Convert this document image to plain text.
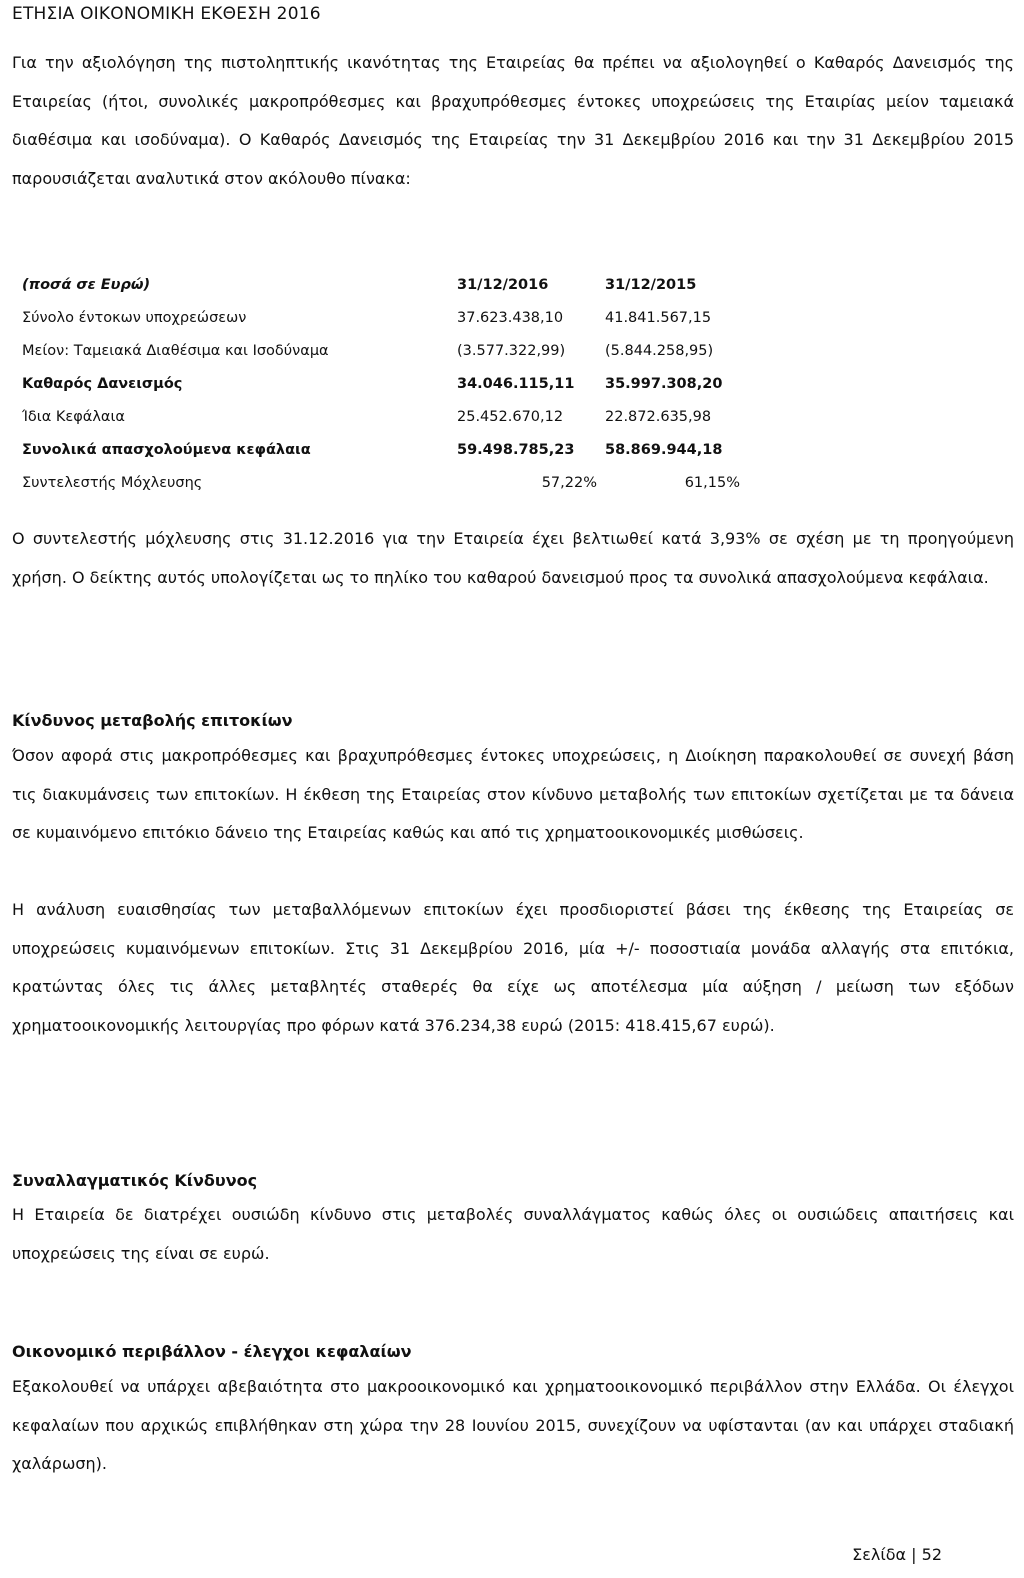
ΕΤΗΣΙΑ ΟΙΚΟΝΟΜΙΚΗ ΕΚΘΕΣΗ 2016

Για την αξιολόγηση της πιστοληπτικής ικανότητας της Εταιρείας θα πρέπει να αξιολογηθεί ο Καθαρός Δανεισμός της Εταιρείας (ήτοι, συνολικές μακροπρόθεσμες και βραχυπρόθεσμες έντοκες υποχρεώσεις της Εταιρίας μείον ταμειακά διαθέσιμα και ισοδύναμα). Ο Καθαρός Δανεισμός της Εταιρείας την 31 Δεκεμβρίου 2016 και την 31 Δεκεμβρίου 2015 παρουσιάζεται αναλυτικά στον ακόλουθο πίνακα:

(ποσά σε Ευρώ)	31/12/2016	31/12/2015
Σύνολο έντοκων υποχρεώσεων	37.623.438,10	41.841.567,15
Μείον: Ταμειακά Διαθέσιμα και Ισοδύναμα	(3.577.322,99)	(5.844.258,95)
Καθαρός Δανεισμός	34.046.115,11	35.997.308,20
Ίδια Κεφάλαια	25.452.670,12	22.872.635,98
Συνολικά απασχολούμενα κεφάλαια	59.498.785,23	58.869.944,18
Συντελεστής Μόχλευσης	57,22%	61,15%

Ο συντελεστής μόχλευσης στις 31.12.2016 για την Εταιρεία έχει βελτιωθεί κατά 3,93% σε σχέση με τη προηγούμενη χρήση. Ο δείκτης αυτός υπολογίζεται ως το πηλίκο του καθαρού δανεισμού προς τα συνολικά απασχολούμενα κεφάλαια.

Κίνδυνος μεταβολής επιτοκίων

Όσον αφορά στις μακροπρόθεσμες και βραχυπρόθεσμες έντοκες υποχρεώσεις, η Διοίκηση παρακολουθεί σε συνεχή βάση τις διακυμάνσεις των επιτοκίων. Η έκθεση της Εταιρείας στον κίνδυνο μεταβολής των επιτοκίων σχετίζεται με τα δάνεια σε κυμαινόμενο επιτόκιο δάνειο της Εταιρείας καθώς και από τις χρηματοοικονομικές μισθώσεις.

Η ανάλυση ευαισθησίας των μεταβαλλόμενων επιτοκίων έχει προσδιοριστεί βάσει της έκθεσης της Εταιρείας σε υποχρεώσεις κυμαινόμενων επιτοκίων. Στις 31 Δεκεμβρίου 2016, μία +/- ποσοστιαία μονάδα αλλαγής στα επιτόκια, κρατώντας όλες τις άλλες μεταβλητές σταθερές θα είχε ως αποτέλεσμα μία αύξηση / μείωση των εξόδων χρηματοοικονομικής λειτουργίας προ φόρων κατά 376.234,38 ευρώ (2015: 418.415,67 ευρώ).

Συναλλαγματικός Κίνδυνος

Η Εταιρεία δε διατρέχει ουσιώδη κίνδυνο στις μεταβολές συναλλάγματος καθώς όλες οι ουσιώδεις απαιτήσεις και υποχρεώσεις της είναι σε ευρώ.

Οικονομικό περιβάλλον - έλεγχοι κεφαλαίων

Εξακολουθεί να υπάρχει αβεβαιότητα στο μακροοικονομικό και χρηματοοικονομικό περιβάλλον στην Ελλάδα. Οι έλεγχοι κεφαλαίων που αρχικώς επιβλήθηκαν στη χώρα την 28 Ιουνίου 2015, συνεχίζουν να υφίστανται (αν και υπάρχει σταδιακή χαλάρωση).

Σελίδα | 52
